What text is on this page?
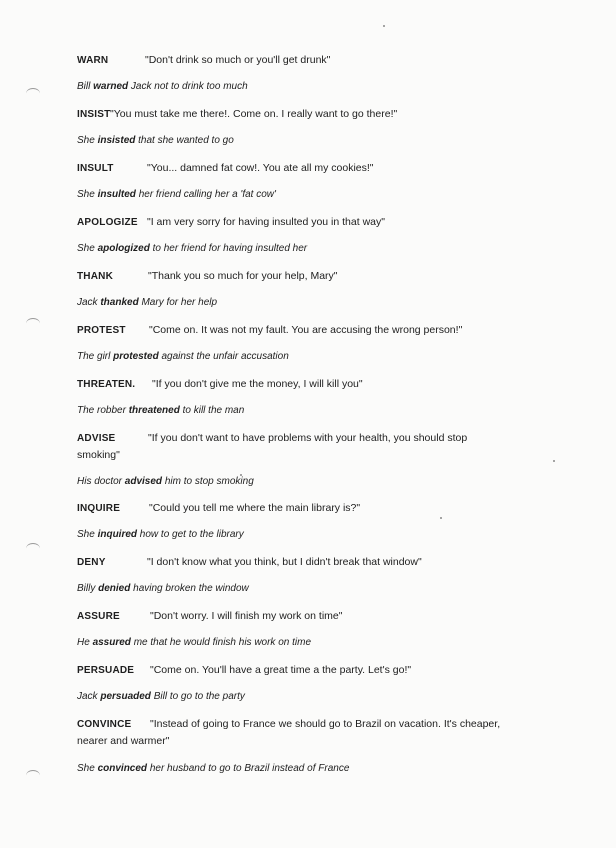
WARN	"Don't drink so much or you'll get drunk"
Bill warned Jack not to drink too much
INSIST "You must take me there!. Come on. I really want to go there!"
She insisted that she wanted to go
INSULT	"You... damned fat cow!. You ate all my cookies!"
She insulted her friend calling her a 'fat cow'
APOLOGIZE "I am very sorry for having insulted you in that way"
She apologized to her friend for having insulted her
THANK	"Thank you so much for your help, Mary"
Jack thanked Mary for her help
PROTEST "Come on. It was not my fault. You are accusing the wrong person!"
The girl protested against the unfair accusation
THREATEN. "If you don't give me the money, I will kill you"
The robber threatened to kill the man
ADVISE	"If you don't want to have problems with your health, you should stop
smoking"
His doctor advised him to stop smoking
INQUIRE	"Could you tell me where the main library is?"
She inquired how to get to the library
DENY	"I don't know what you think, but I didn't break that window"
Billy denied having broken the window
ASSURE	"Don't worry. I will finish my work on time"
He assured me that he would finish his work on time
PERSUADE "Come on. You'll have a great time a the party. Let's go!"
Jack persuaded Bill to go to the party
CONVINCE "Instead of going to France we should go to Brazil on vacation. It's cheaper,
nearer and warmer"
She convinced her husband to go to Brazil instead of France
